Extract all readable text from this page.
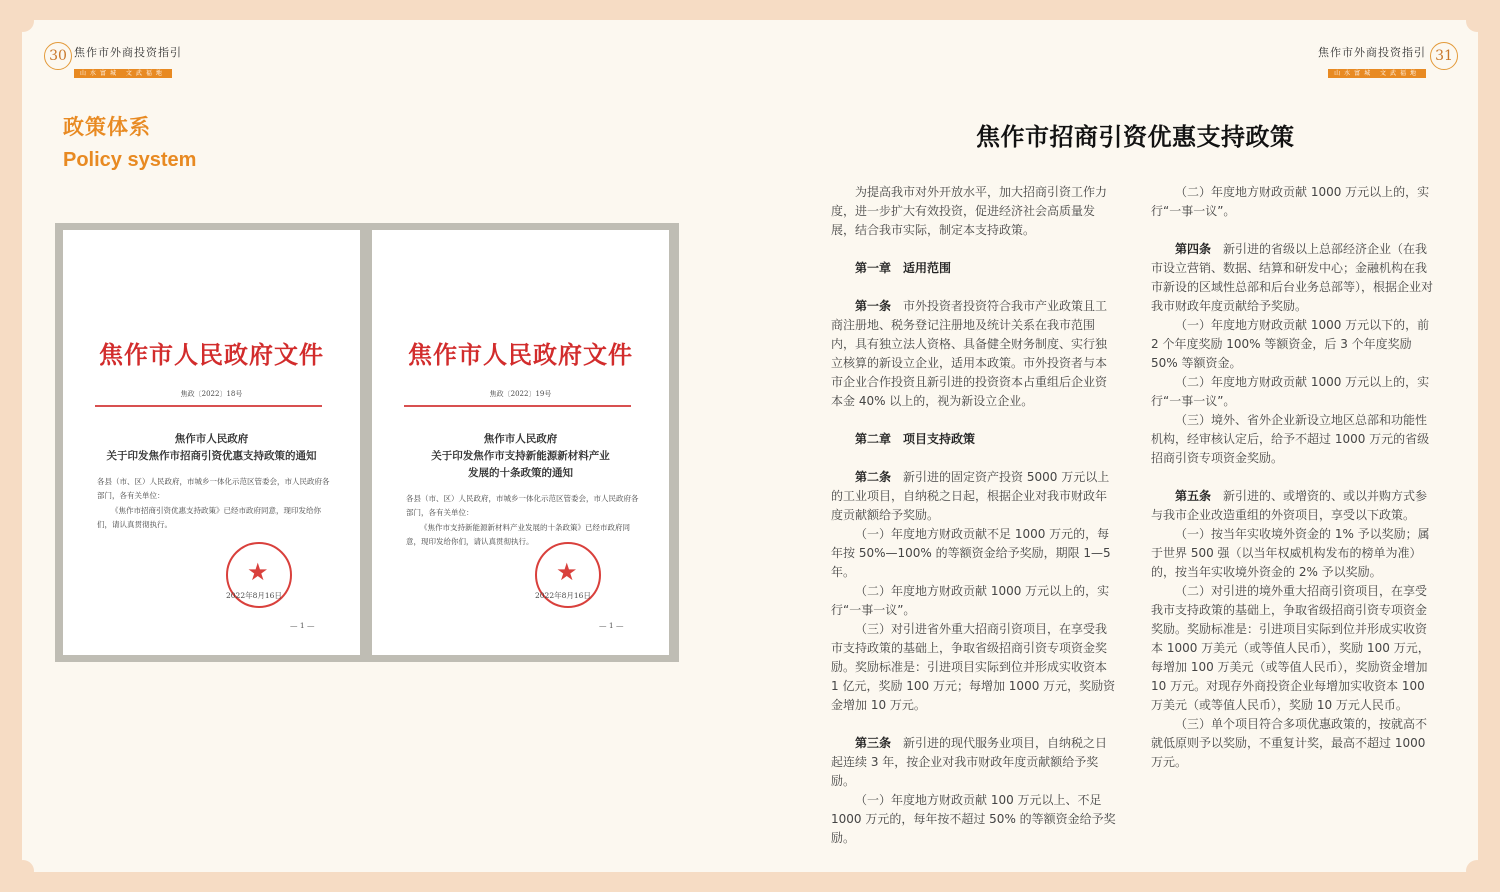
30 焦作市外商投资指引
山水富城 文武福地
31
焦作市外商投资指引
山水富城 文武福地
政策体系
Policy system
焦作市人民政府文件
焦政〔2022〕18号
焦作市人民政府
关于印发焦作市招商引资优惠支持政策的通知
各县（市、区）人民政府，市城乡一体化示范区管委会，市人民政府各部门，各有关单位：
《焦作市招商引资优惠支持政策》已经市政府同意，现印发给你们，请认真贯彻执行。
★
2022年8月16日
— 1 —
焦作市人民政府文件
焦政〔2022〕19号
焦作市人民政府
关于印发焦作市支持新能源新材料产业
发展的十条政策的通知
各县（市、区）人民政府，市城乡一体化示范区管委会，市人民政府各部门，各有关单位：
《焦作市支持新能源新材料产业发展的十条政策》已经市政府同意，现印发给你们，请认真贯彻执行。
★
2022年8月16日
— 1 —
焦作市招商引资优惠支持政策

为提高我市对外开放水平，加大招商引资工作力度，进一步扩大有效投资，促进经济社会高质量发展，结合我市实际，制定本支持政策。

第一章　适用范围

第一条　 市外投资者投资符合我市产业政策且工商注册地、税务登记注册地及统计关系在我市范围内，具有独立法人资格、具备健全财务制度、实行独立核算的新设立企业，适用本政策。市外投资者与本市企业合作投资且新引进的投资资本占重组后企业资本金 40% 以上的，视为新设立企业。

第二章　项目支持政策

第二条　 新引进的固定资产投资 5000 万元以上的工业项目，自纳税之日起，根据企业对我市财政年度贡献额给予奖励。

（一）年度地方财政贡献不足 1000 万元的，每年按 50%—100% 的等额资金给予奖励，期限 1—5 年。

（二）年度地方财政贡献 1000 万元以上的，实行“一事一议”。

（三）对引进省外重大招商引资项目，在享受我市支持政策的基础上，争取省级招商引资专项资金奖励。奖励标准是：引进项目实际到位并形成实收资本 1 亿元，奖励 100 万元；每增加 1000 万元，奖励资金增加 10 万元。

第三条　 新引进的现代服务业项目，自纳税之日起连续 3 年，按企业对我市财政年度贡献额给予奖励。

（一）年度地方财政贡献 100 万元以上、不足 1000 万元的，每年按不超过 50% 的等额资金给予奖励。

（二）年度地方财政贡献 1000 万元以上的，实行“一事一议”。

第四条　 新引进的省级以上总部经济企业（在我市设立营销、数据、结算和研发中心；金融机构在我市新设的区域性总部和后台业务总部等），根据企业对我市财政年度贡献给予奖励。

（一）年度地方财政贡献 1000 万元以下的，前 2 个年度奖励 100% 等额资金，后 3 个年度奖励 50% 等额资金。

（二）年度地方财政贡献 1000 万元以上的，实行“一事一议”。

（三）境外、省外企业新设立地区总部和功能性机构，经审核认定后，给予不超过 1000 万元的省级招商引资专项资金奖励。

第五条　 新引进的、或增资的、或以并购方式参与我市企业改造重组的外资项目，享受以下政策。

（一）按当年实收境外资金的 1% 予以奖励；属于世界 500 强（以当年权威机构发布的榜单为准）的，按当年实收境外资金的 2% 予以奖励。

（二）对引进的境外重大招商引资项目，在享受我市支持政策的基础上，争取省级招商引资专项资金奖励。奖励标准是：引进项目实际到位并形成实收资本 1000 万美元（或等值人民币），奖励 100 万元，每增加 100 万美元（或等值人民币），奖励资金增加 10 万元。对现存外商投资企业每增加实收资本 100 万美元（或等值人民币），奖励 10 万元人民币。

（三）单个项目符合多项优惠政策的，按就高不就低原则予以奖励，不重复计奖，最高不超过 1000 万元。
